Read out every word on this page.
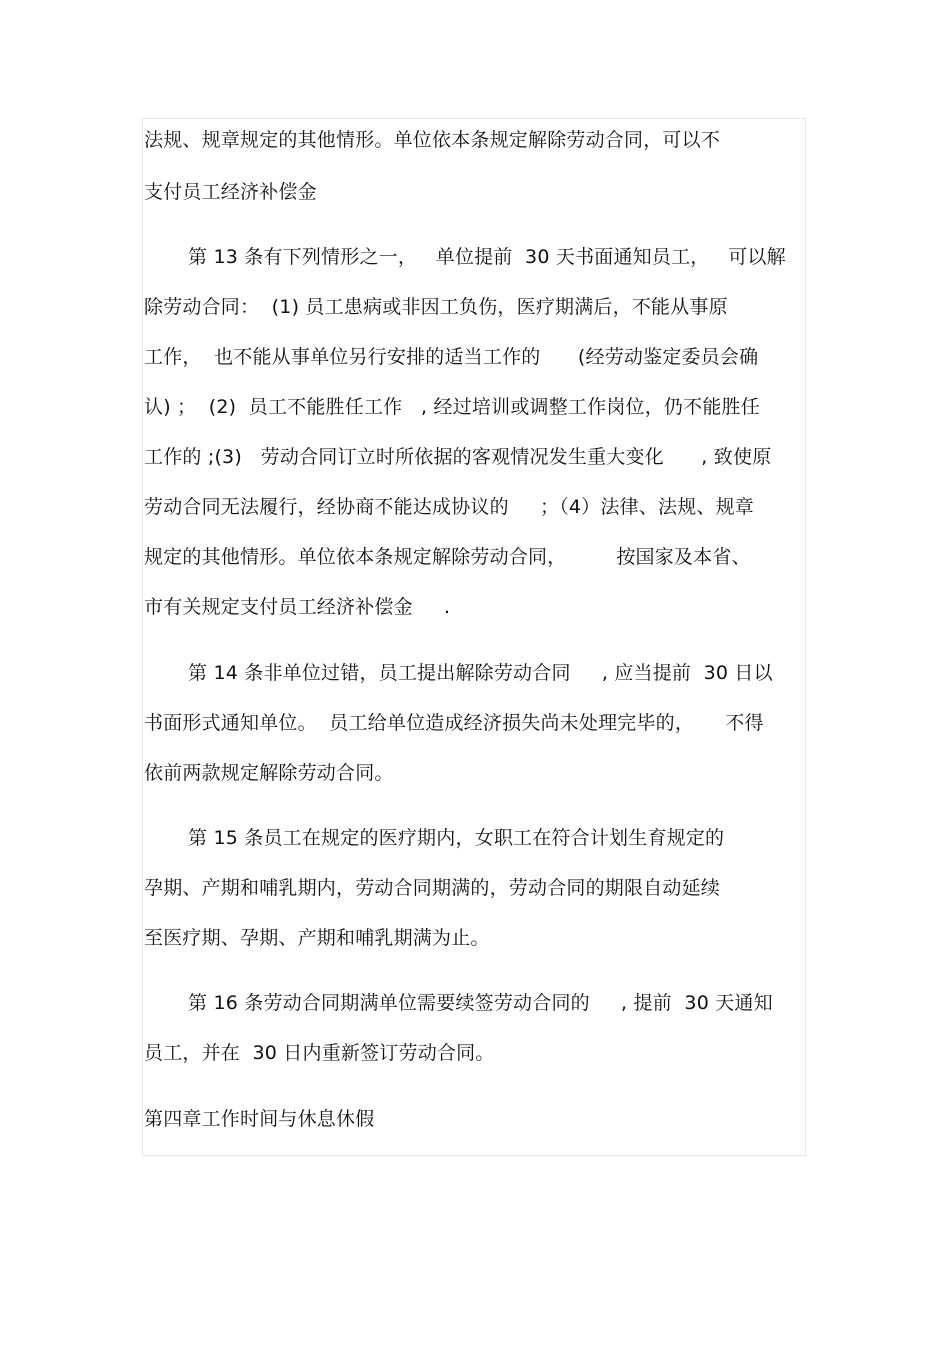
法规、规章规定的其他情形。单位依本条规定解除劳动合同，可以不
支付员工经济补偿金
第 13 条有下列情形之一，   单位提前  30 天书面通知员工，   可以解
除劳动合同：  (1) 员工患病或非因工负伤，医疗期满后，不能从事原
工作，  也不能从事单位另行安排的适当工作的      (经劳动鉴定委员会确
认) ；  (2)  员工不能胜任工作   , 经过培训或调整工作岗位，仍不能胜任
工作的 ;(3)   劳动合同订立时所依据的客观情况发生重大变化      , 致使原
劳动合同无法履行，经协商不能达成协议的     ；（4）法律、法规、规章
规定的其他情形。单位依本条规定解除劳动合同，        按国家及本省、
市有关规定支付员工经济补偿金     .
第 14 条非单位过错，员工提出解除劳动合同     , 应当提前  30 日以
书面形式通知单位。  员工给单位造成经济损失尚未处理完毕的，     不得
依前两款规定解除劳动合同。
第 15 条员工在规定的医疗期内，女职工在符合计划生育规定的
孕期、产期和哺乳期内，劳动合同期满的，劳动合同的期限自动延续
至医疗期、孕期、产期和哺乳期满为止。
第 16 条劳动合同期满单位需要续签劳动合同的     , 提前  30 天通知
员工，并在  30 日内重新签订劳动合同。
第四章工作时间与休息休假
